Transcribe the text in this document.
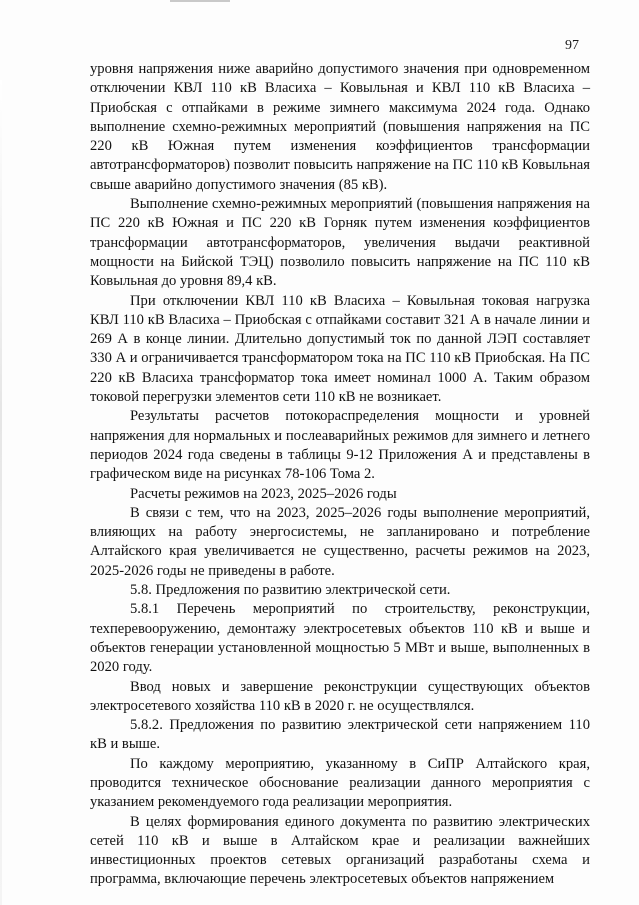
97

уровня напряжения ниже аварийно допустимого значения при одновременном отключении КВЛ 110 кВ Власиха – Ковыльная и КВЛ 110 кВ Власиха – Приобская с отпайками в режиме зимнего максимума 2024 года. Однако выполнение схемно-режимных мероприятий (повышения напряжения на ПС 220 кВ Южная путем изменения коэффициентов трансформации автотрансформаторов) позволит повысить напряжение на ПС 110 кВ Ковыльная свыше аварийно допустимого значения (85 кВ).

Выполнение схемно-режимных мероприятий (повышения напряжения на ПС 220 кВ Южная и ПС 220 кВ Горняк путем изменения коэффициентов трансформации автотрансформаторов, увеличения выдачи реактивной мощности на Бийской ТЭЦ) позволило повысить напряжение на ПС 110 кВ Ковыльная до уровня 89,4 кВ.

При отключении КВЛ 110 кВ Власиха – Ковыльная токовая нагрузка КВЛ 110 кВ Власиха – Приобская с отпайками составит 321 А в начале линии и 269 А в конце линии. Длительно допустимый ток по данной ЛЭП составляет 330 А и ограничивается трансформатором тока на ПС 110 кВ Приобская. На ПС 220 кВ Власиха трансформатор тока имеет номинал 1000 А. Таким образом токовой перегрузки элементов сети 110 кВ не возникает.

Результаты расчетов потокораспределения мощности и уровней напряжения для нормальных и послеаварийных режимов для зимнего и летнего периодов 2024 года сведены в таблицы 9-12 Приложения А и представлены в графическом виде на рисунках 78-106 Тома 2.

Расчеты режимов на 2023, 2025–2026 годы

В связи с тем, что на 2023, 2025–2026 годы выполнение мероприятий, влияющих на работу энергосистемы, не запланировано и потребление Алтайского края увеличивается не существенно, расчеты режимов на 2023, 2025-2026 годы не приведены в работе.

5.8. Предложения по развитию электрической сети.

5.8.1 Перечень мероприятий по строительству, реконструкции, техперевооружению, демонтажу электросетевых объектов 110 кВ и выше и объектов генерации установленной мощностью 5 МВт и выше, выполненных в 2020 году.

Ввод новых и завершение реконструкции существующих объектов электросетевого хозяйства 110 кВ в 2020 г. не осуществлялся.

5.8.2. Предложения по развитию электрической сети напряжением 110 кВ и выше.

По каждому мероприятию, указанному в СиПР Алтайского края, проводится техническое обоснование реализации данного мероприятия с указанием рекомендуемого года реализации мероприятия.

В целях формирования единого документа по развитию электрических сетей 110 кВ и выше в Алтайском крае и реализации важнейших инвестиционных проектов сетевых организаций разработаны схема и программа, включающие перечень электросетевых объектов напряжением
